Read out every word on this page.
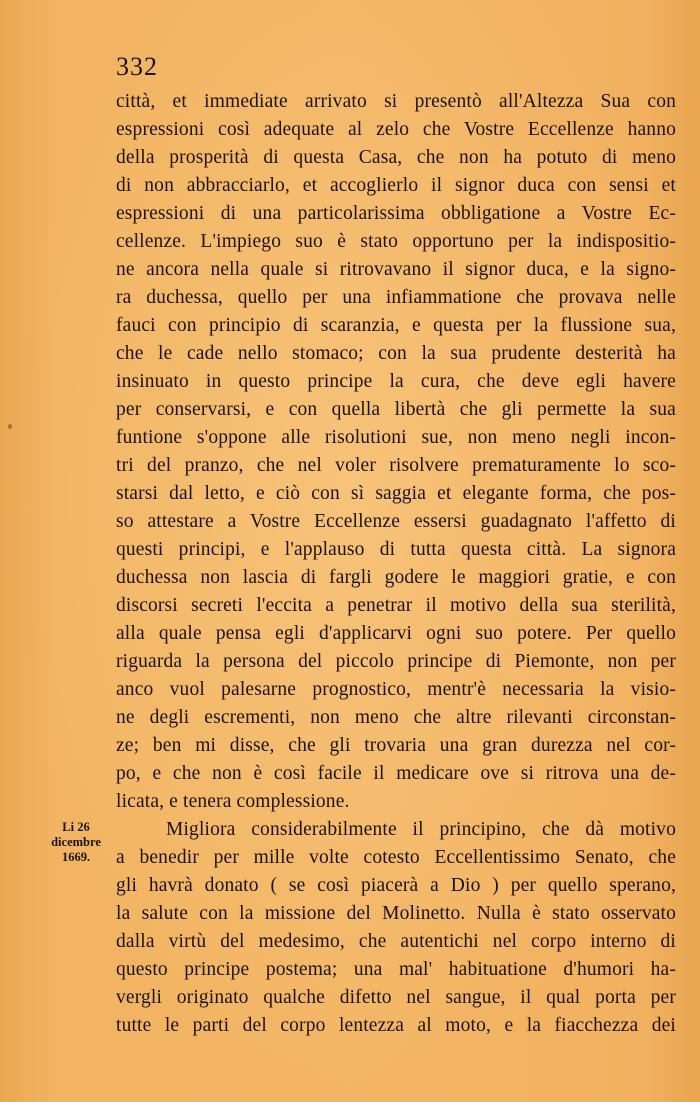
332
città, et immediate arrivato si presentò all'Altezza Sua con
espressioni così adequate al zelo che Vostre Eccellenze hanno
della prosperità di questa Casa, che non ha potuto di meno
di non abbracciarlo, et accoglierlo il signor duca con sensi et
espressioni di una particolarissima obbligatione a Vostre Ec-
cellenze. L'impiego suo è stato opportuno per la indispositio-
ne ancora nella quale si ritrovavano il signor duca, e la signo-
ra duchessa, quello per una infiammatione che provava nelle
fauci con principio di scaranzia, e questa per la flussione sua,
che le cade nello stomaco; con la sua prudente desterità ha
insinuato in questo principe la cura, che deve egli havere
per conservarsi, e con quella libertà che gli permette la sua
funtione s'oppone alle risolutioni sue, non meno negli incon-
tri del pranzo, che nel voler risolvere prematuramente lo sco-
starsi dal letto, e ciò con sì saggia et elegante forma, che pos-
so attestare a Vostre Eccellenze essersi guadagnato l'affetto di
questi principi, e l'applauso di tutta questa città. La signora
duchessa non lascia di fargli godere le maggiori gratie, e con
discorsi secreti l'eccita a penetrar il motivo della sua sterilità,
alla quale pensa egli d'applicarvi ogni suo potere. Per quello
riguarda la persona del piccolo principe di Piemonte, non per
anco vuol palesarne prognostico, mentr'è necessaria la visio-
ne degli escrementi, non meno che altre rilevanti circonstan-
ze; ben mi disse, che gli trovaria una gran durezza nel cor-
po, e che non è così facile il medicare ove si ritrova una de-
licata, e tenera complessione.
Migliora considerabilmente il principino, che dà motivo
a benedir per mille volte cotesto Eccellentissimo Senato, che
gli havrà donato ( se così piacerà a Dio ) per quello sperano,
la salute con la missione del Molinetto. Nulla è stato osservato
dalla virtù del medesimo, che autentichi nel corpo interno di
questo principe postema; una mal' habituatione d'humori ha-
vergli originato qualche difetto nel sangue, il qual porta per
tutte le parti del corpo lentezza al moto, e la fiacchezza dei
Li 26
dicembre
1669.
